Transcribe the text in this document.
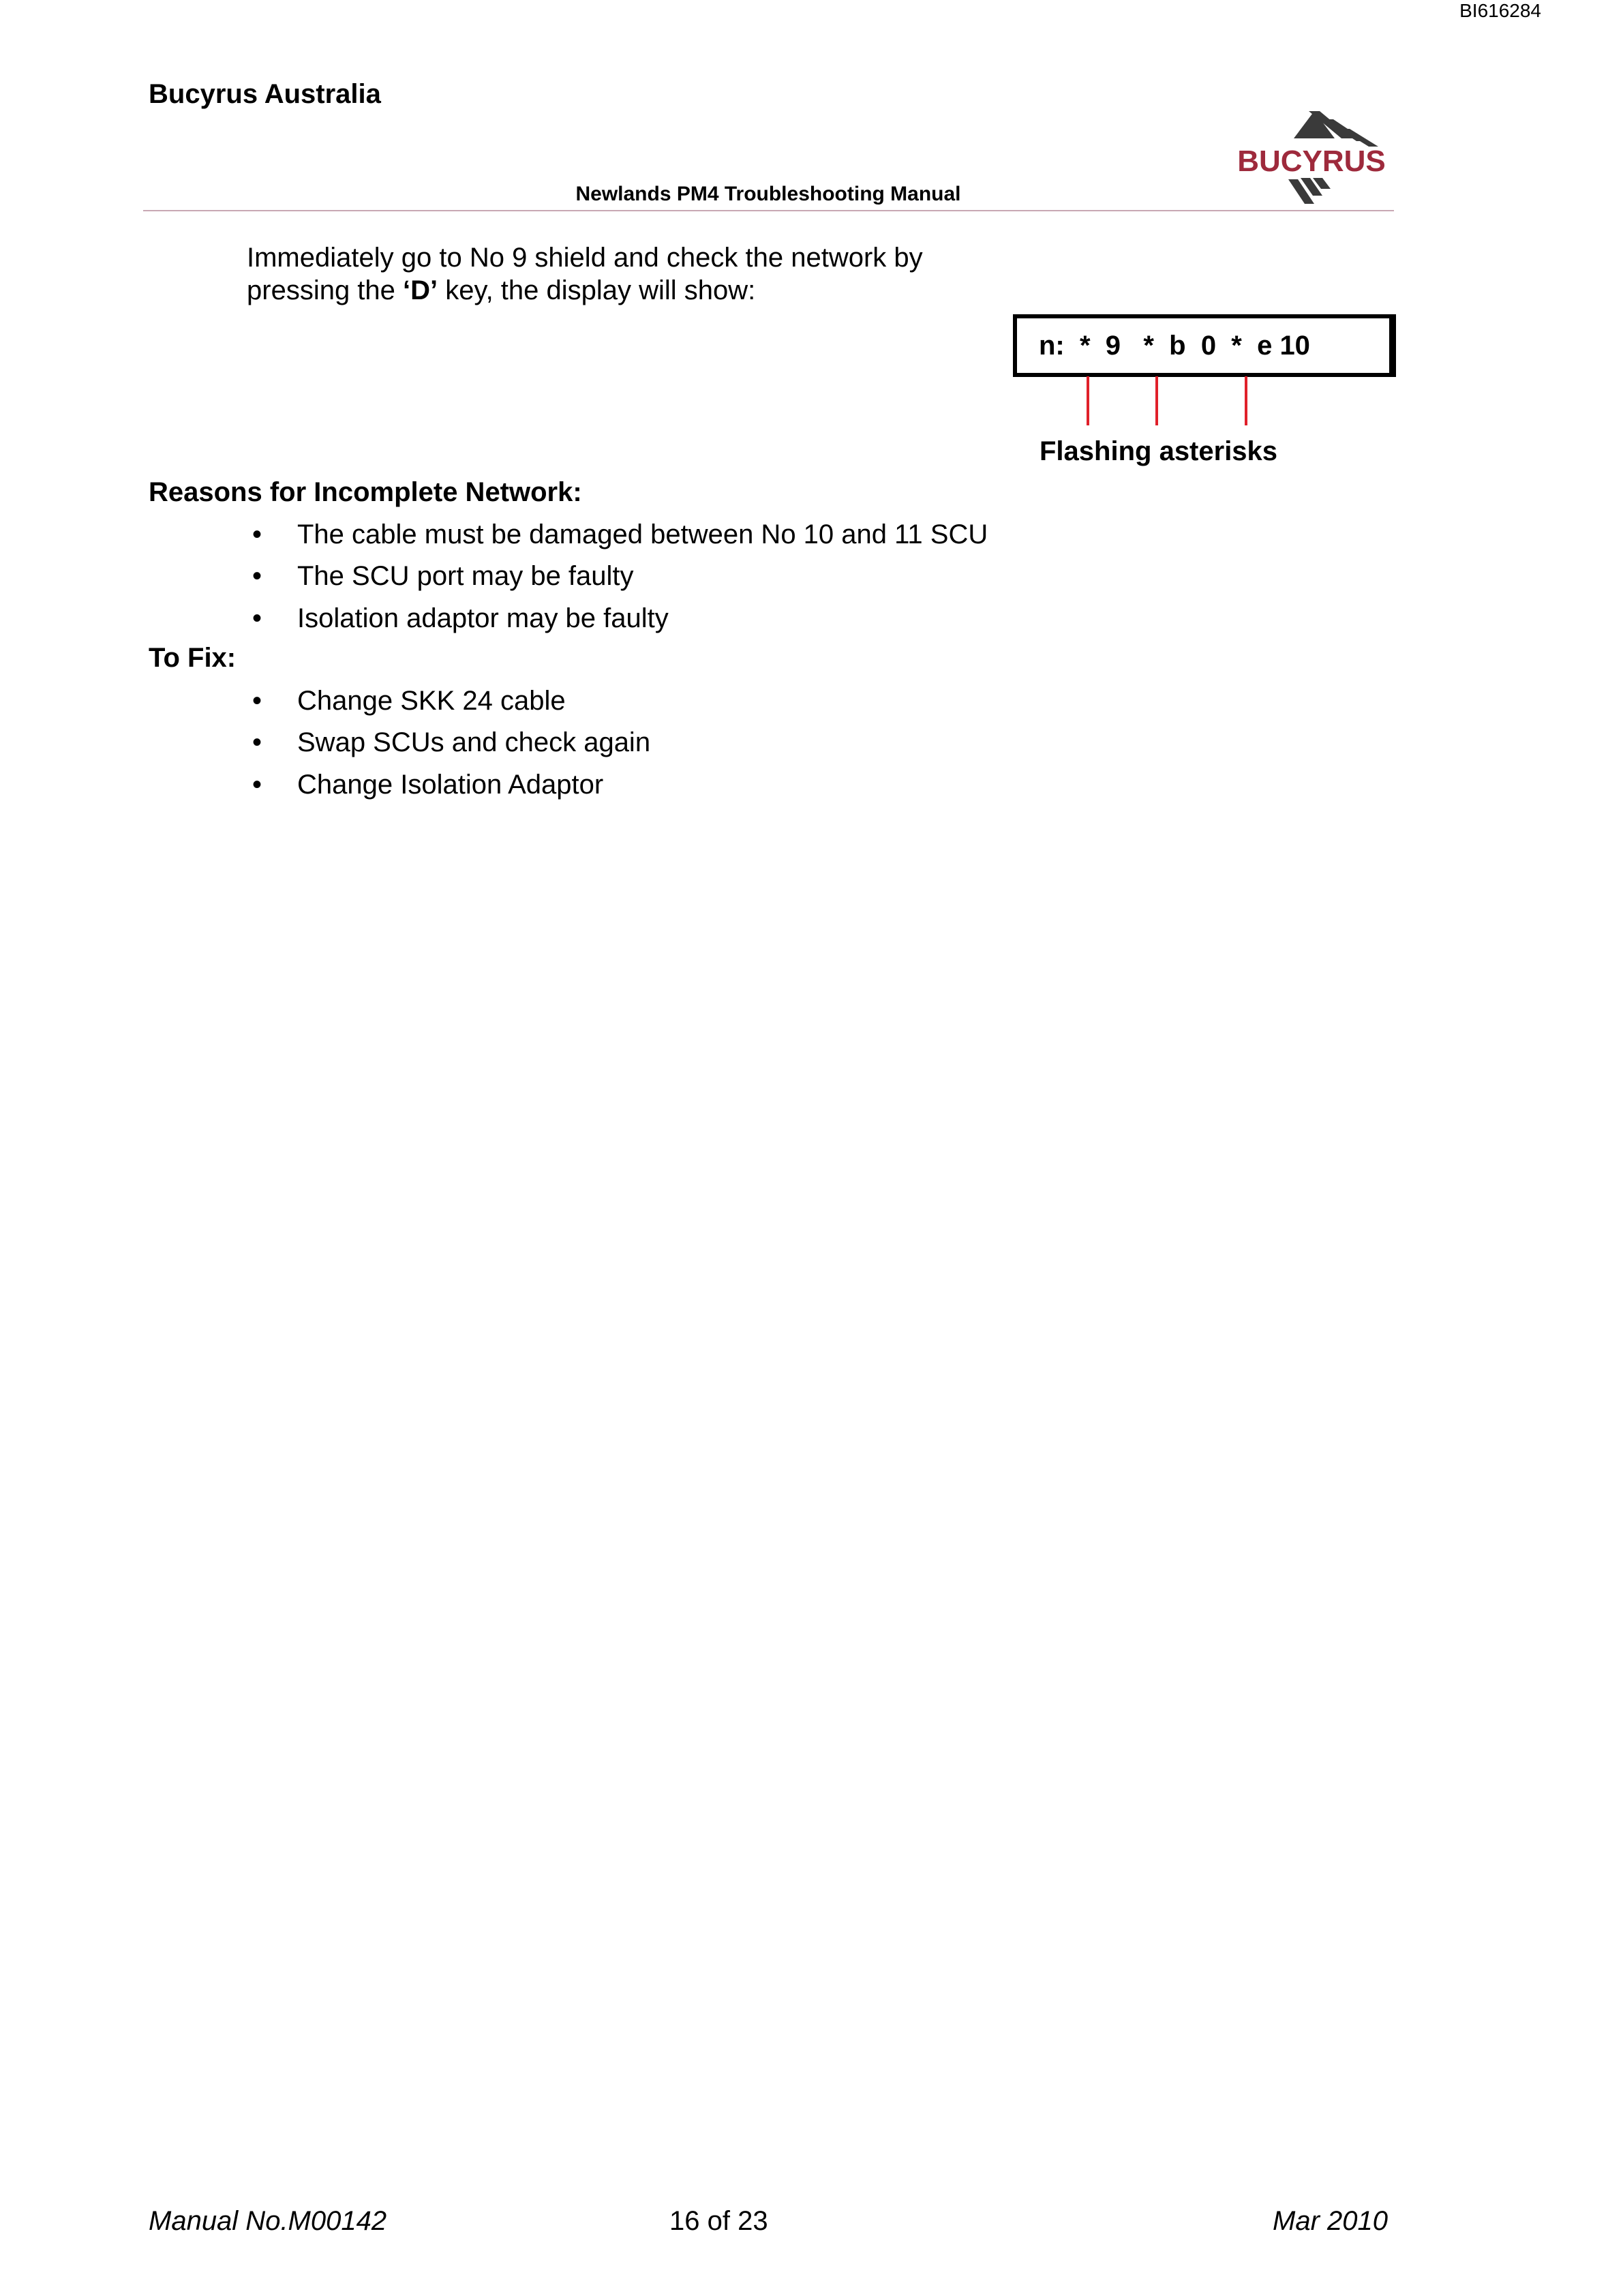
BI616284
Bucyrus Australia
BUCYRUS
Newlands PM4 Troubleshooting Manual
Immediately go to No 9 shield and check the network by
pressing the ‘D’ key, the display will show:
n:  *  9   *  b  0  *  e 10
Flashing asterisks
Reasons for Incomplete Network:
• The cable must be damaged between No 10 and 11 SCU
• The SCU port may be faulty
• Isolation adaptor may be faulty
To Fix:
• Change SKK 24 cable
• Swap SCUs and check again
• Change Isolation Adaptor
Manual No.M00142	16 of 23	Mar 2010
